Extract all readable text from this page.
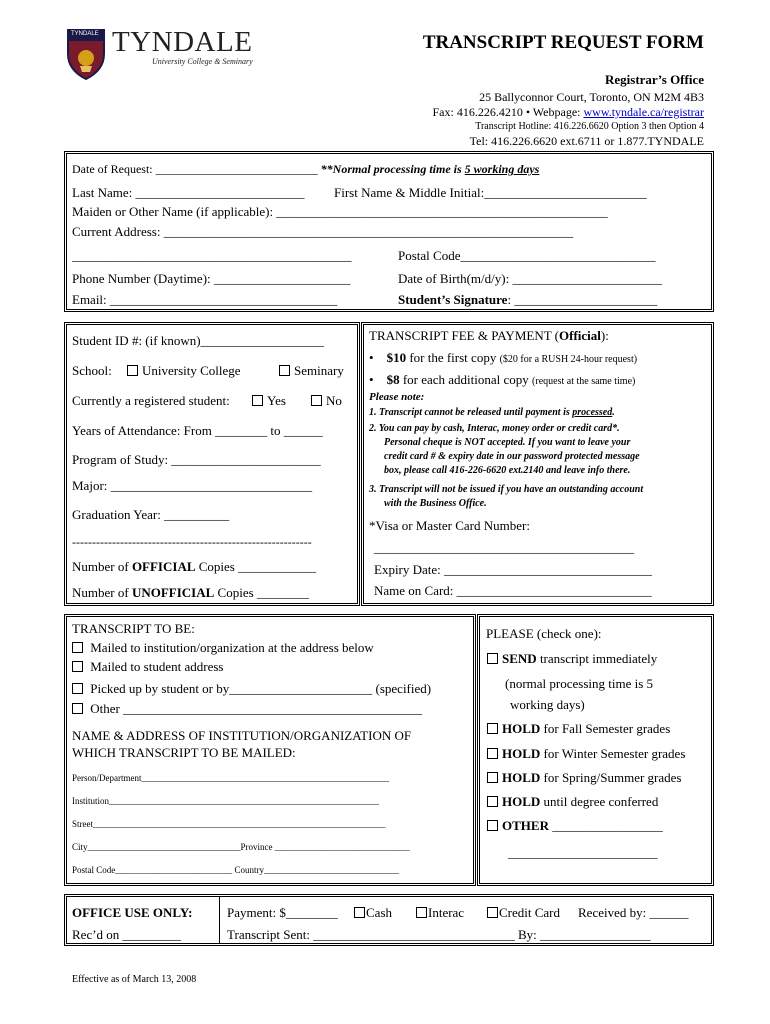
TYNDALE TYNDALE
University College & Seminary
TRANSCRIPT REQUEST FORM
Registrar’s Office
25 Ballyconnor Court, Toronto, ON M2M 4B3
Fax: 416.226.4210 • Webpage: www.tyndale.ca/registrar
Transcript Hotline: 416.226.6620 Option 3 then Option 4
Tel: 416.226.6620 ext.6711 or 1.877.TYNDALE
Date of Request: ___________________________ **Normal processing time is 5 working days
Last Name: __________________________ First Name & Middle Initial:_________________________
Maiden or Other Name (if applicable): ___________________________________________________
Current Address: _______________________________________________________________
___________________________________________	Postal Code______________________________
Phone Number (Daytime): _____________________	Date of Birth(m/d/y): _______________________
Email: ___________________________________	Student’s Signature: ______________________
Student ID #: (if known)___________________
School: University College	Seminary
Currently a registered student:	Yes	No
Years of Attendance: From ________ to ______
Program of Study: _______________________
Major: _______________________________
Graduation Year: __________
------------------------------------------------------------
Number of OFFICIAL Copies ____________
Number of UNOFFICIAL Copies ________
TRANSCRIPT FEE & PAYMENT (Official):
•    $10 for the first copy ($20 for a RUSH 24-hour request)
•    $8 for each additional copy (request at the same time)
Please note:
1. Transcript cannot be released until payment is processed.
2. You can pay by cash, Interac, money order or credit card*.
Personal cheque is NOT accepted. If you want to leave your
credit card # & expiry date in our password protected message
box, please call 416-226-6620 ext.2140 and leave info there.
3. Transcript will not be issued if you have an outstanding account
with the Business Office.
*Visa or Master Card Number:
________________________________________
Expiry Date: ________________________________
Name on Card: ______________________________
TRANSCRIPT TO BE:
Mailed to institution/organization at the address below
Mailed to student address
Picked up by student or by______________________ (specified)
Other ______________________________________________
NAME & ADDRESS OF INSTITUTION/ORGANIZATION OF
WHICH TRANSCRIPT TO BE MAILED:
Person/Department_______________________________________________________
Institution____________________________________________________________
Street_________________________________________________________________
City__________________________________Province ______________________________
Postal Code__________________________ Country______________________________
PLEASE (check one):
SEND transcript immediately
(normal processing time is 5
working days)
HOLD for Fall Semester grades
HOLD for Winter Semester grades
HOLD for Spring/Summer grades
HOLD until degree conferred
OTHER _________________
_______________________
OFFICE USE ONLY:
Rec’d on _________
Payment: $________	Cash	Interac	Credit Card Received by: ______
Transcript Sent: _______________________________ By: _________________
Effective as of March 13, 2008
